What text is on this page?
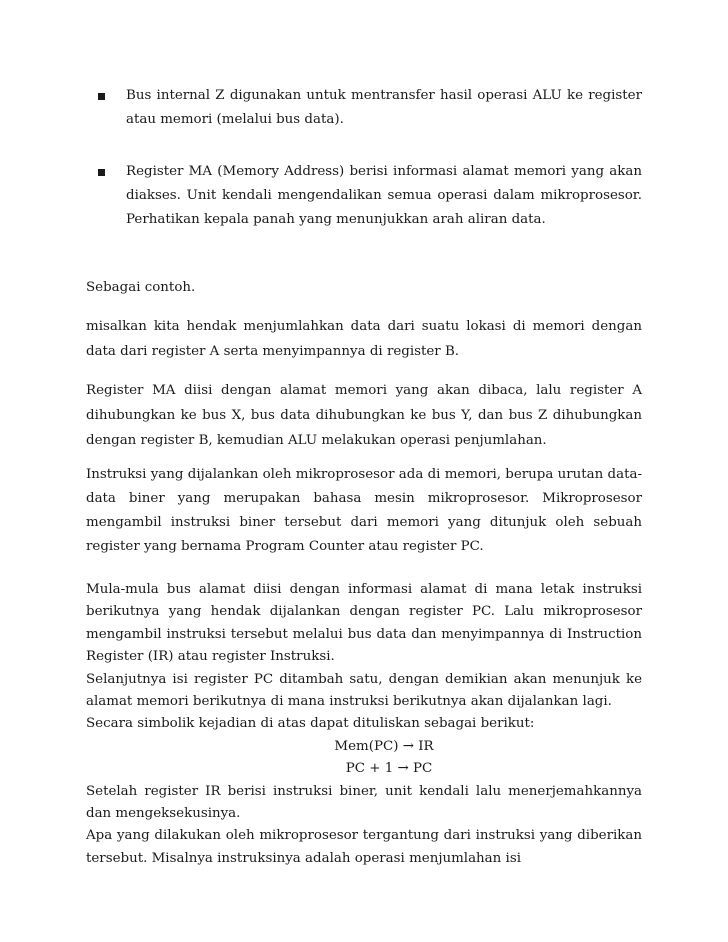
Bus internal Z digunakan untuk mentransfer hasil operasi ALU ke register atau memori (melalui bus data).
Register MA (Memory Address) berisi informasi alamat memori yang akan diakses. Unit kendali mengendalikan semua operasi dalam mikroprosesor. Perhatikan kepala panah yang menunjukkan arah aliran data.
Sebagai contoh.
misalkan kita hendak menjumlahkan data dari suatu lokasi di memori dengan data dari register A serta menyimpannya di register B.
Register MA diisi dengan alamat memori yang akan dibaca, lalu register A dihubungkan ke bus X, bus data dihubungkan ke bus Y, dan bus Z dihubungkan dengan register B, kemudian ALU melakukan operasi penjumlahan.
Instruksi yang dijalankan oleh mikroprosesor ada di memori, berupa urutan data-data biner yang merupakan bahasa mesin mikroprosesor. Mikroprosesor mengambil instruksi biner tersebut dari memori yang ditunjuk oleh sebuah register yang bernama Program Counter atau register PC.
Mula-mula bus alamat diisi dengan informasi alamat di mana letak instruksi berikutnya yang hendak dijalankan dengan register PC. Lalu mikroprosesor mengambil instruksi tersebut melalui bus data dan menyimpannya di Instruction Register (IR) atau register Instruksi.
Selanjutnya isi register PC ditambah satu, dengan demikian akan menunjuk ke alamat memori berikutnya di mana instruksi berikutnya akan dijalankan lagi.
Secara simbolik kejadian di atas dapat dituliskan sebagai berikut:
Mem(PC) → IR
PC + 1 → PC
Setelah register IR berisi instruksi biner, unit kendali lalu menerjemahkannya dan mengeksekusinya.
Apa yang dilakukan oleh mikroprosesor tergantung dari instruksi yang diberikan tersebut. Misalnya instruksinya adalah operasi menjumlahan isi
